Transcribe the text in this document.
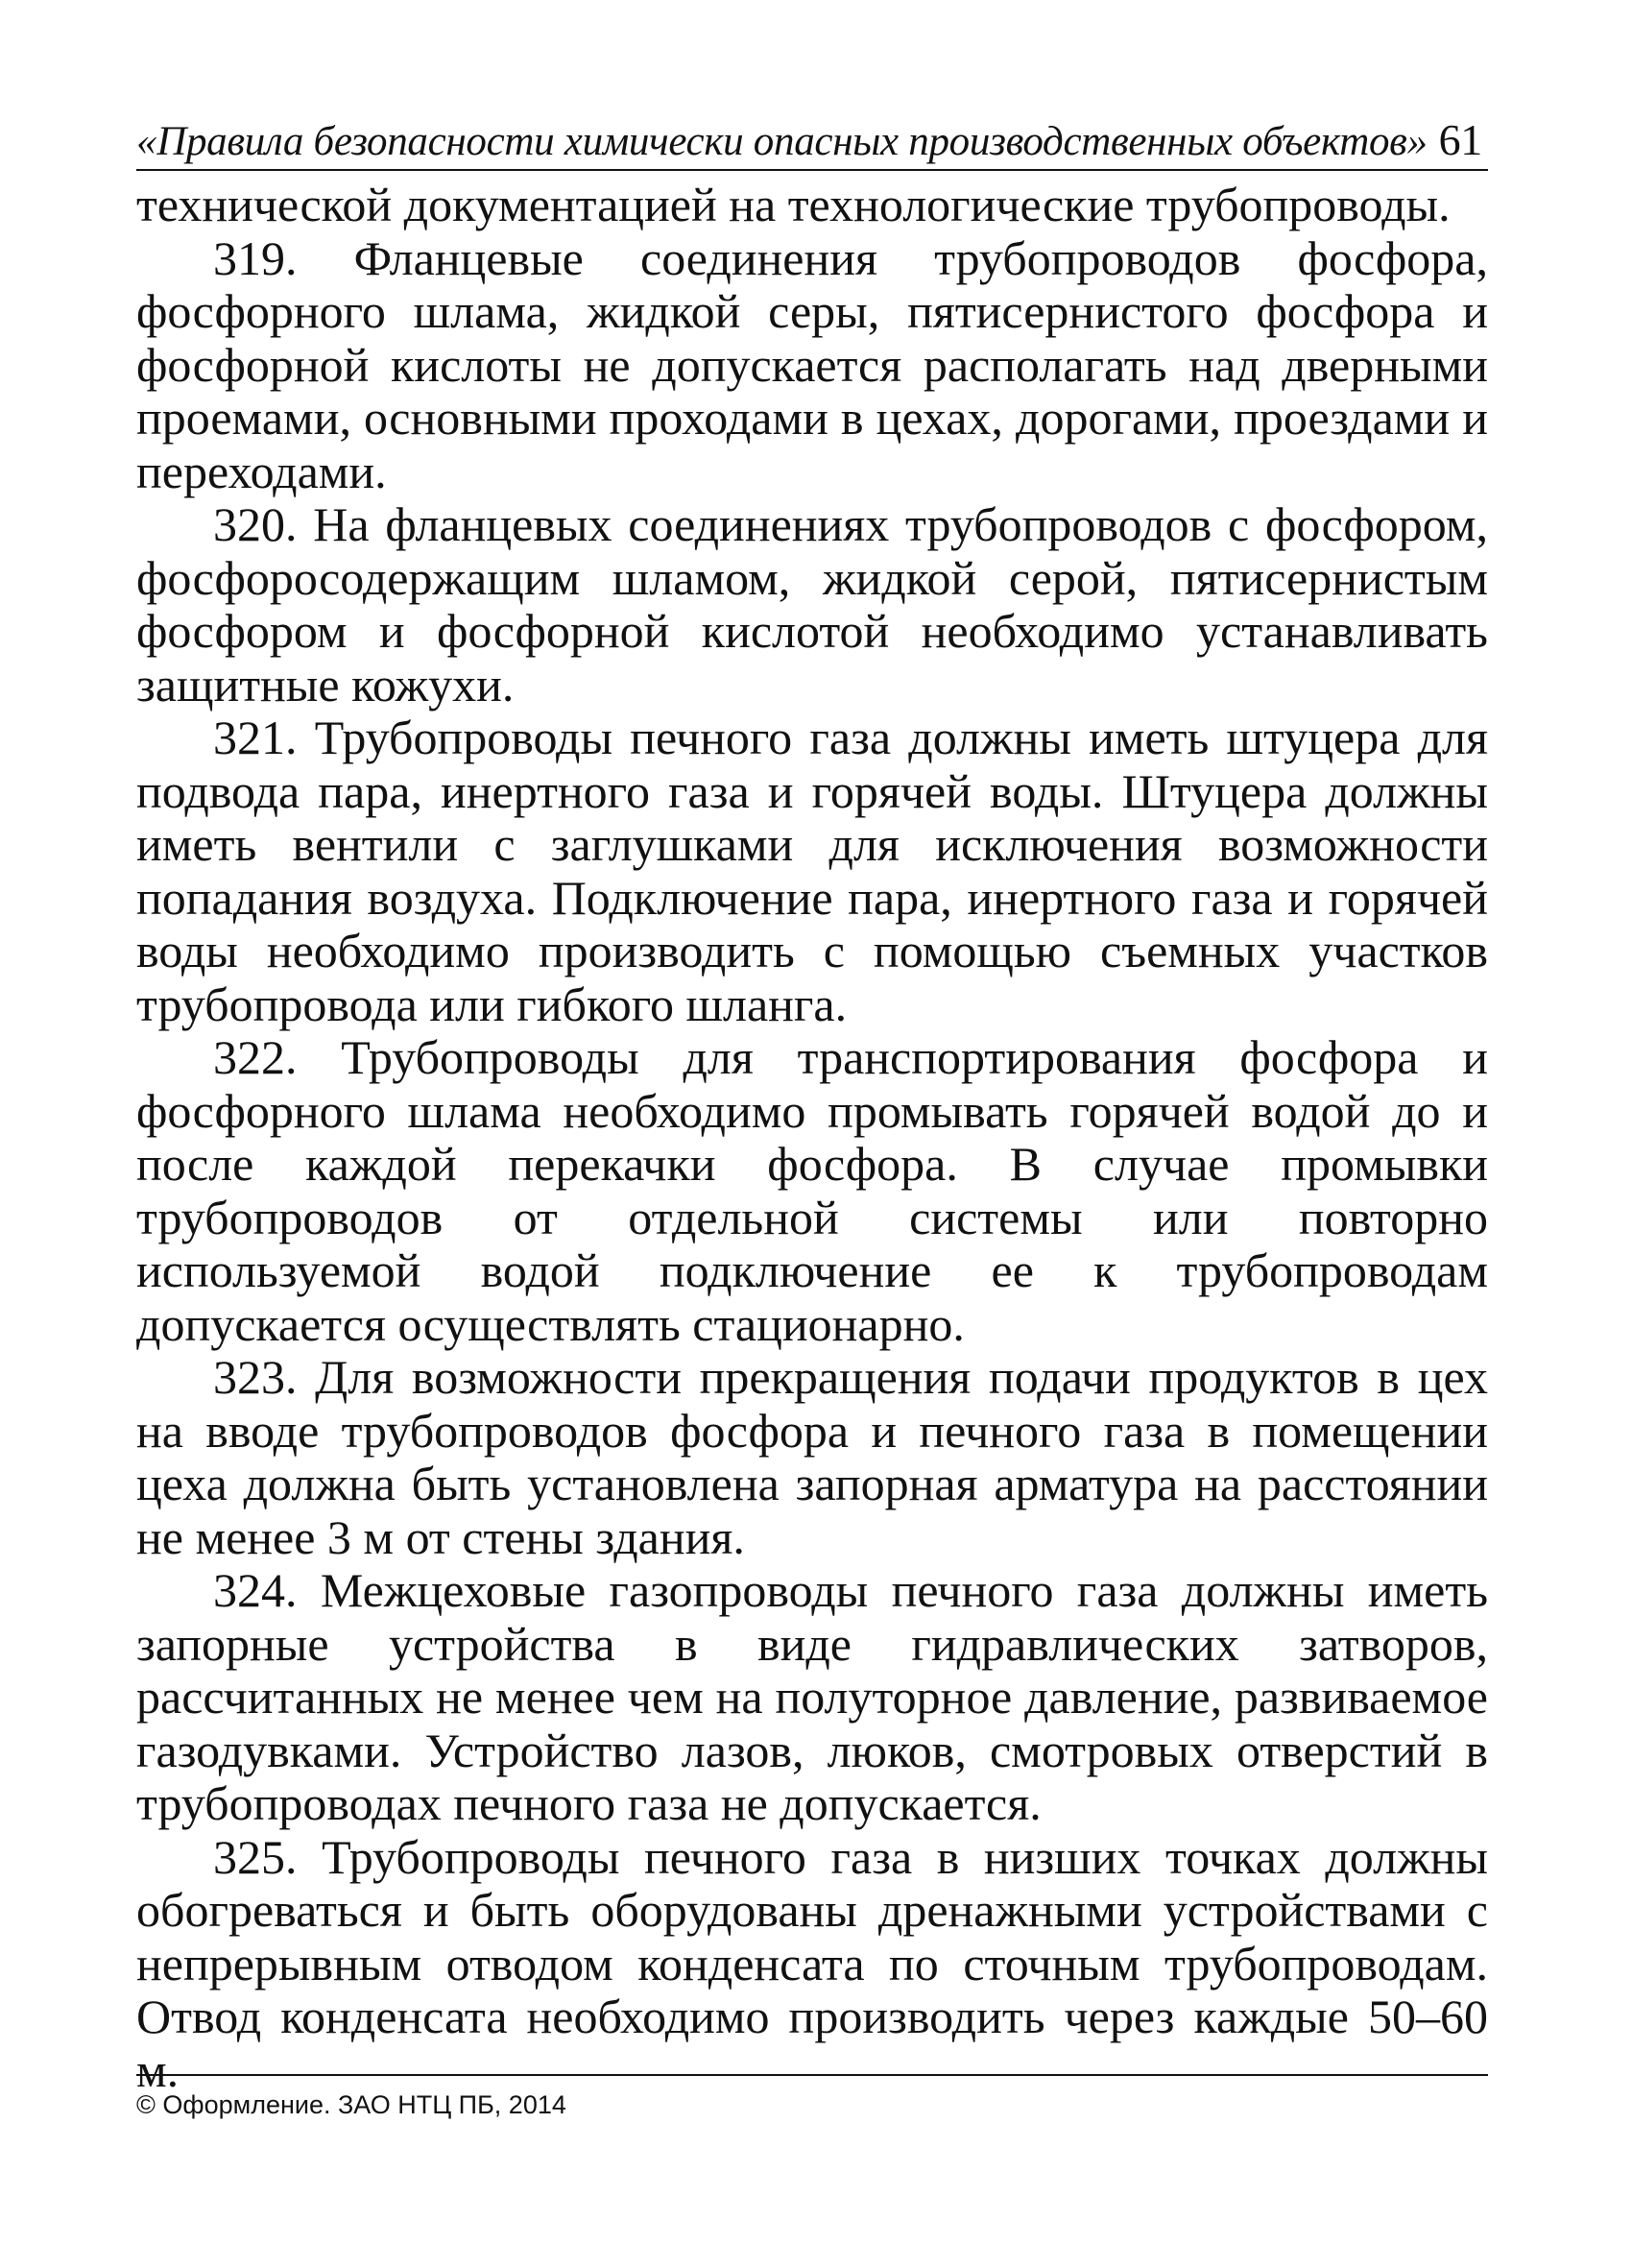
«Правила безопасности химически опасных производственных объектов» 61

технической документацией на технологические трубопроводы.

319. Фланцевые соединения трубопроводов фосфора, фосфорного шлама, жидкой серы, пятисернистого фосфора и фосфорной кислоты не допускается располагать над дверными проемами, основными проходами в цехах, дорогами, проездами и переходами.

320. На фланцевых соединениях трубопроводов с фосфором, фосфоросодержащим шламом, жидкой серой, пятисернистым фосфором и фосфорной кислотой необходимо устанавливать защитные кожухи.

321. Трубопроводы печного газа должны иметь штуцера для подвода пара, инертного газа и горячей воды. Штуцера должны иметь вентили с заглушками для исключения возможности попадания воздуха. Подключение пара, инертного газа и горячей воды необходимо производить с помощью съемных участков трубопровода или гибкого шланга.

322. Трубопроводы для транспортирования фосфора и фосфорного шлама необходимо промывать горячей водой до и после каждой перекачки фосфора. В случае промывки трубопроводов от отдельной системы или повторно используемой водой подключение ее к трубопроводам допускается осуществлять стационарно.

323. Для возможности прекращения подачи продуктов в цех на вводе трубопроводов фосфора и печного газа в помещении цеха должна быть установлена запорная арматура на расстоянии не менее 3 м от стены здания.

324. Межцеховые газопроводы печного газа должны иметь запорные устройства в виде гидравлических затворов, рассчитанных не менее чем на полуторное давление, развиваемое газодувками. Устройство лазов, люков, смотровых отверстий в трубопроводах печного газа не допускается.

325. Трубопроводы печного газа в низших точках должны обогреваться и быть оборудованы дренажными устройствами с непрерывным отводом конденсата по сточным трубопроводам. Отвод конденсата необходимо производить через каждые 50–60 м.

© Оформление. ЗАО НТЦ ПБ, 2014
